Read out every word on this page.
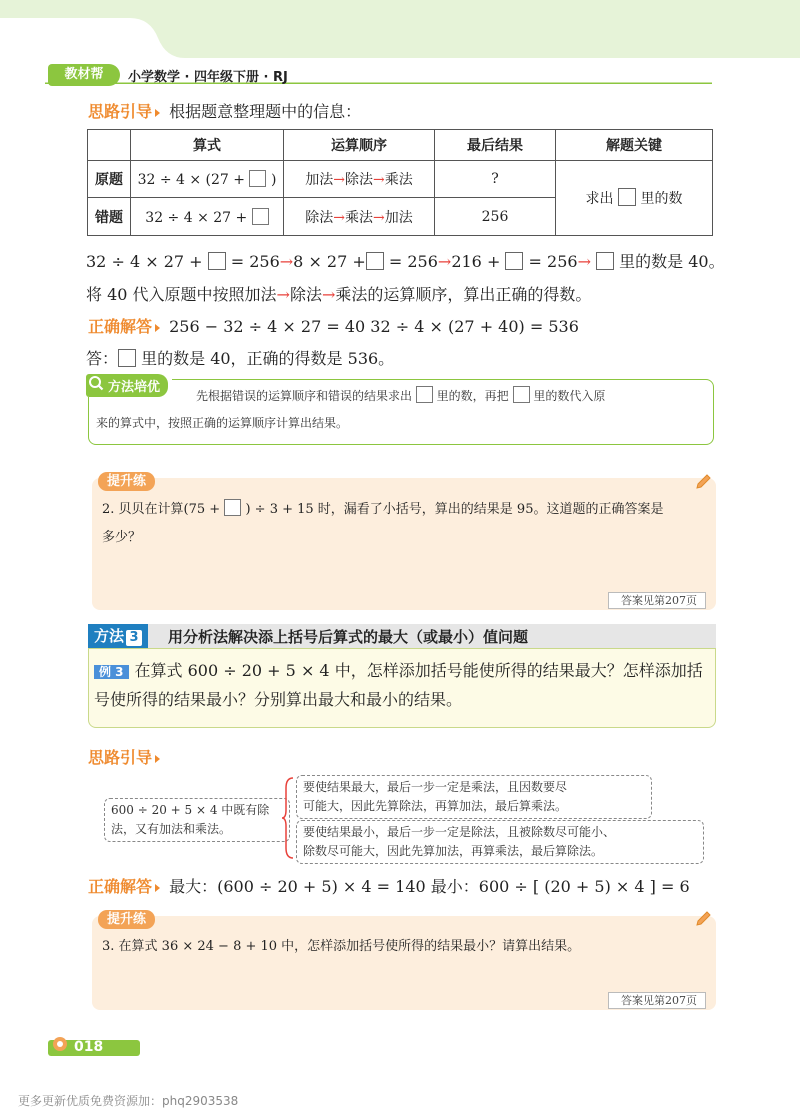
教材帮	小学数学 · 四年级下册 · RJ
思路引导 根据题意整理题中的信息：
	算式	运算顺序	最后结果	解题关键
原题	32 ÷ 4 × (27 + )	加法→除法→乘法	?	求出 里的数
错题	32 ÷ 4 × 27 +	除法→乘法→加法	256	
32 ÷ 4 × 27 + = 256→8 × 27 + = 256→216 + = 256→ 里的数是 40。
将 40 代入原题中按照加法→除法→乘法的运算顺序，算出正确的得数。
正确解答 256 − 32 ÷ 4 × 27 = 40 32 ÷ 4 × (27 + 40) = 536
答： 里的数是 40，正确的得数是 536。
方法培优
先根据错误的运算顺序和错误的结果求出 里的数，再把 里的数代入原
来的算式中，按照正确的运算顺序计算出结果。
提升练
2. 贝贝在计算(75 + ) ÷ 3 + 15 时，漏看了小括号，算出的结果是 95。这道题的正确答案是
多少？
答案见第207页
方法 3	用分析法解决添上括号后算式的最大（或最小）值问题
例 3 在算式 600 ÷ 20 + 5 × 4 中，怎样添加括号能使所得的结果最大？怎样添加括
号使所得的结果最小？分别算出最大和最小的结果。
思路引导
600 ÷ 20 + 5 × 4 中既有除
法，又有加法和乘法。
要使结果最大，最后一步一定是乘法，且因数要尽
可能大，因此先算除法，再算加法，最后算乘法。
要使结果最小，最后一步一定是除法，且被除数尽可能小、
除数尽可能大，因此先算加法，再算乘法，最后算除法。
正确解答 最大：(600 ÷ 20 + 5) × 4 = 140 最小：600 ÷ [ (20 + 5) × 4 ] = 6
提升练
3. 在算式 36 × 24 − 8 + 10 中，怎样添加括号使所得的结果最小？请算出结果。
答案见第207页
018
更多更新优质免费资源加：phq2903538
